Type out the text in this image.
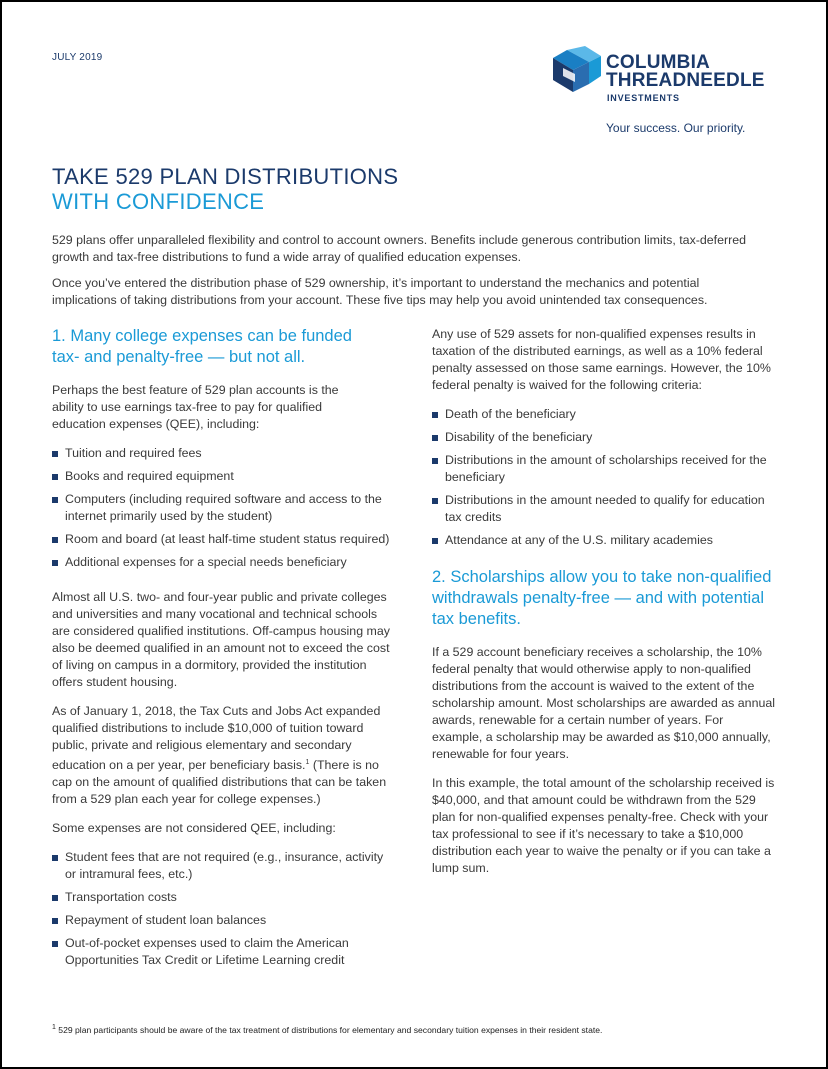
JULY 2019	COLUMBIA
THREADNEEDLE
INVESTMENTS
Your success. Our priority.
TAKE 529 PLAN DISTRIBUTIONS
WITH CONFIDENCE

529 plans offer unparalleled flexibility and control to account owners. Benefits include generous contribution limits, tax-deferred growth and tax-free distributions to fund a wide array of qualified education expenses.

Once you’ve entered the distribution phase of 529 ownership, it’s important to understand the mechanics and potential implications of taking distributions from your account. These five tips may help you avoid unintended tax consequences.

1. Many college expenses can be funded tax- and penalty-free — but not all.

Perhaps the best feature of 529 plan accounts is the ability to use earnings tax-free to pay for qualified education expenses (QEE), including:

Tuition and required fees
Books and required equipment
Computers (including required software and access to the internet primarily used by the student)
Room and board (at least half-time student status required)
Additional expenses for a special needs beneficiary

Almost all U.S. two- and four-year public and private colleges and universities and many vocational and technical schools are considered qualified institutions. Off-campus housing may also be deemed qualified in an amount not to exceed the cost of living on campus in a dormitory, provided the institution offers student housing.

As of January 1, 2018, the Tax Cuts and Jobs Act expanded qualified distributions to include $10,000 of tuition toward public, private and religious elementary and secondary education on a per year, per beneficiary basis.$^1$ (There is no cap on the amount of qualified distributions that can be taken from a 529 plan each year for college expenses.)

Some expenses are not considered QEE, including:

Student fees that are not required (e.g., insurance, activity or intramural fees, etc.)
Transportation costs
Repayment of student loan balances
Out-of-pocket expenses used to claim the American Opportunities Tax Credit or Lifetime Learning credit

Any use of 529 assets for non-qualified expenses results in taxation of the distributed earnings, as well as a 10% federal penalty assessed on those same earnings. However, the 10% federal penalty is waived for the following criteria:

Death of the beneficiary
Disability of the beneficiary
Distributions in the amount of scholarships received for the beneficiary
Distributions in the amount needed to qualify for education tax credits
Attendance at any of the U.S. military academies
2. Scholarships allow you to take non-qualified withdrawals penalty-free — and with potential tax benefits.

If a 529 account beneficiary receives a scholarship, the 10% federal penalty that would otherwise apply to non-qualified distributions from the account is waived to the extent of the scholarship amount. Most scholarships are awarded as annual awards, renewable for a certain number of years. For example, a scholarship may be awarded as $10,000 annually, renewable for four years.

In this example, the total amount of the scholarship received is $40,000, and that amount could be withdrawn from the 529 plan for non-qualified expenses penalty-free. Check with your tax professional to see if it’s necessary to take a $10,000 distribution each year to waive the penalty or if you can take a lump sum.

$^1$ 529 plan participants should be aware of the tax treatment of distributions for elementary and secondary tuition expenses in their resident state.
